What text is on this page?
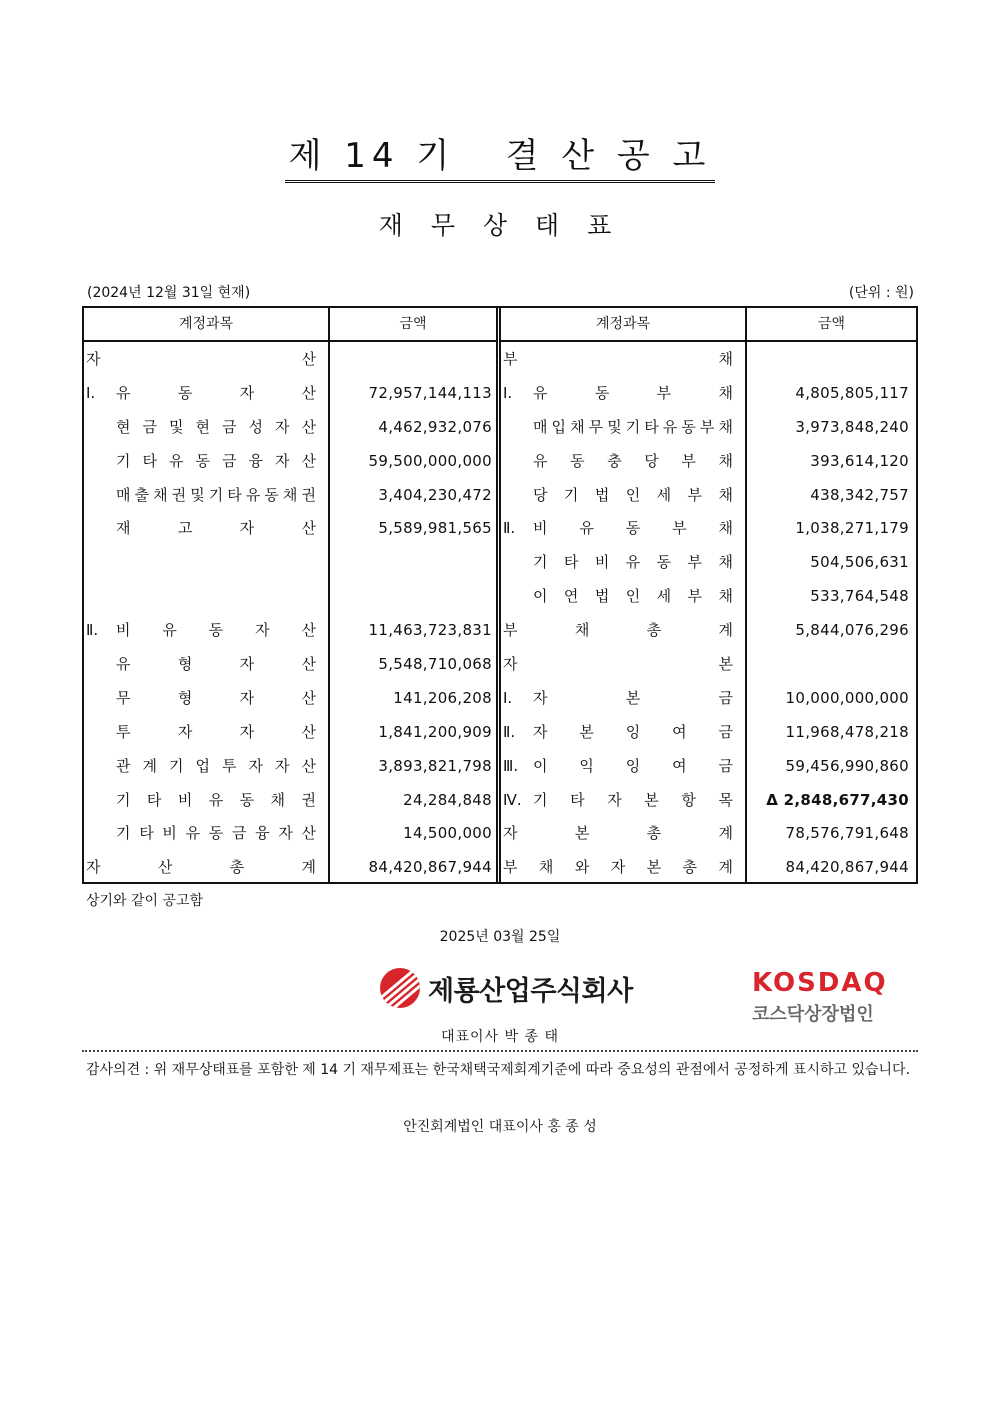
제 14 기   결 산 공 고
재 무 상 태 표
(2024년 12월 31일 현재)	(단위 : 원)
계정과목	금액
자	산
Ⅰ.	유	동	자	산	72,957,144,113
현 금 및 현 금 성 자 산	4,462,932,076
기 타 유 동 금 융 자 산	59,500,000,000
매 출 채 권 및 기 타 유 동 채 권	3,404,230,472
재	고	자	산	5,589,981,565
Ⅱ.	비 유 동 자 산	11,463,723,831
유	형	자	산	5,548,710,068
무	형	자	산	141,206,208
투	자	자	산	1,841,200,909
관 계 기 업 투 자 자 산	3,893,821,798
기 타 비 유 동 채 권	24,284,848
기 타 비 유 동 금 융 자 산	14,500,000
자	산	총	계	84,420,867,944
계정과목	금액
부	채
Ⅰ.	유	동	부	채	4,805,805,117
매 입 채 무 및 기 타 유 동 부 채	3,973,848,240
유 동 충 당 부 채	393,614,120
당 기 법 인 세 부 채	438,342,757
Ⅱ.	비 유 동 부 채	1,038,271,179
기 타 비 유 동 부 채	504,506,631
이 연 법 인 세 부 채	533,764,548
부	채	총	계	5,844,076,296
자	본
Ⅰ.	자	본	금	10,000,000,000
Ⅱ.	자 본 잉 여 금	11,968,478,218
Ⅲ. 이 익 잉 여 금	59,456,990,860
Ⅳ. 기 타 자 본 항 목	Δ 2,848,677,430
자	본	총	계	78,576,791,648
부 채 와 자 본 총 계	84,420,867,944
상기와 같이 공고함
2025년 03월 25일
제룡산업주식회사	KOSDAQ
코스닥상장법인
대표이사 박 종 태
감사의견 : 위 재무상태표를 포함한 제 14 기 재무제표는 한국채택국제회계기준에 따라 중요성의 관점에서 공정하게 표시하고 있습니다.
안진회계법인 대표이사 홍 종 성
